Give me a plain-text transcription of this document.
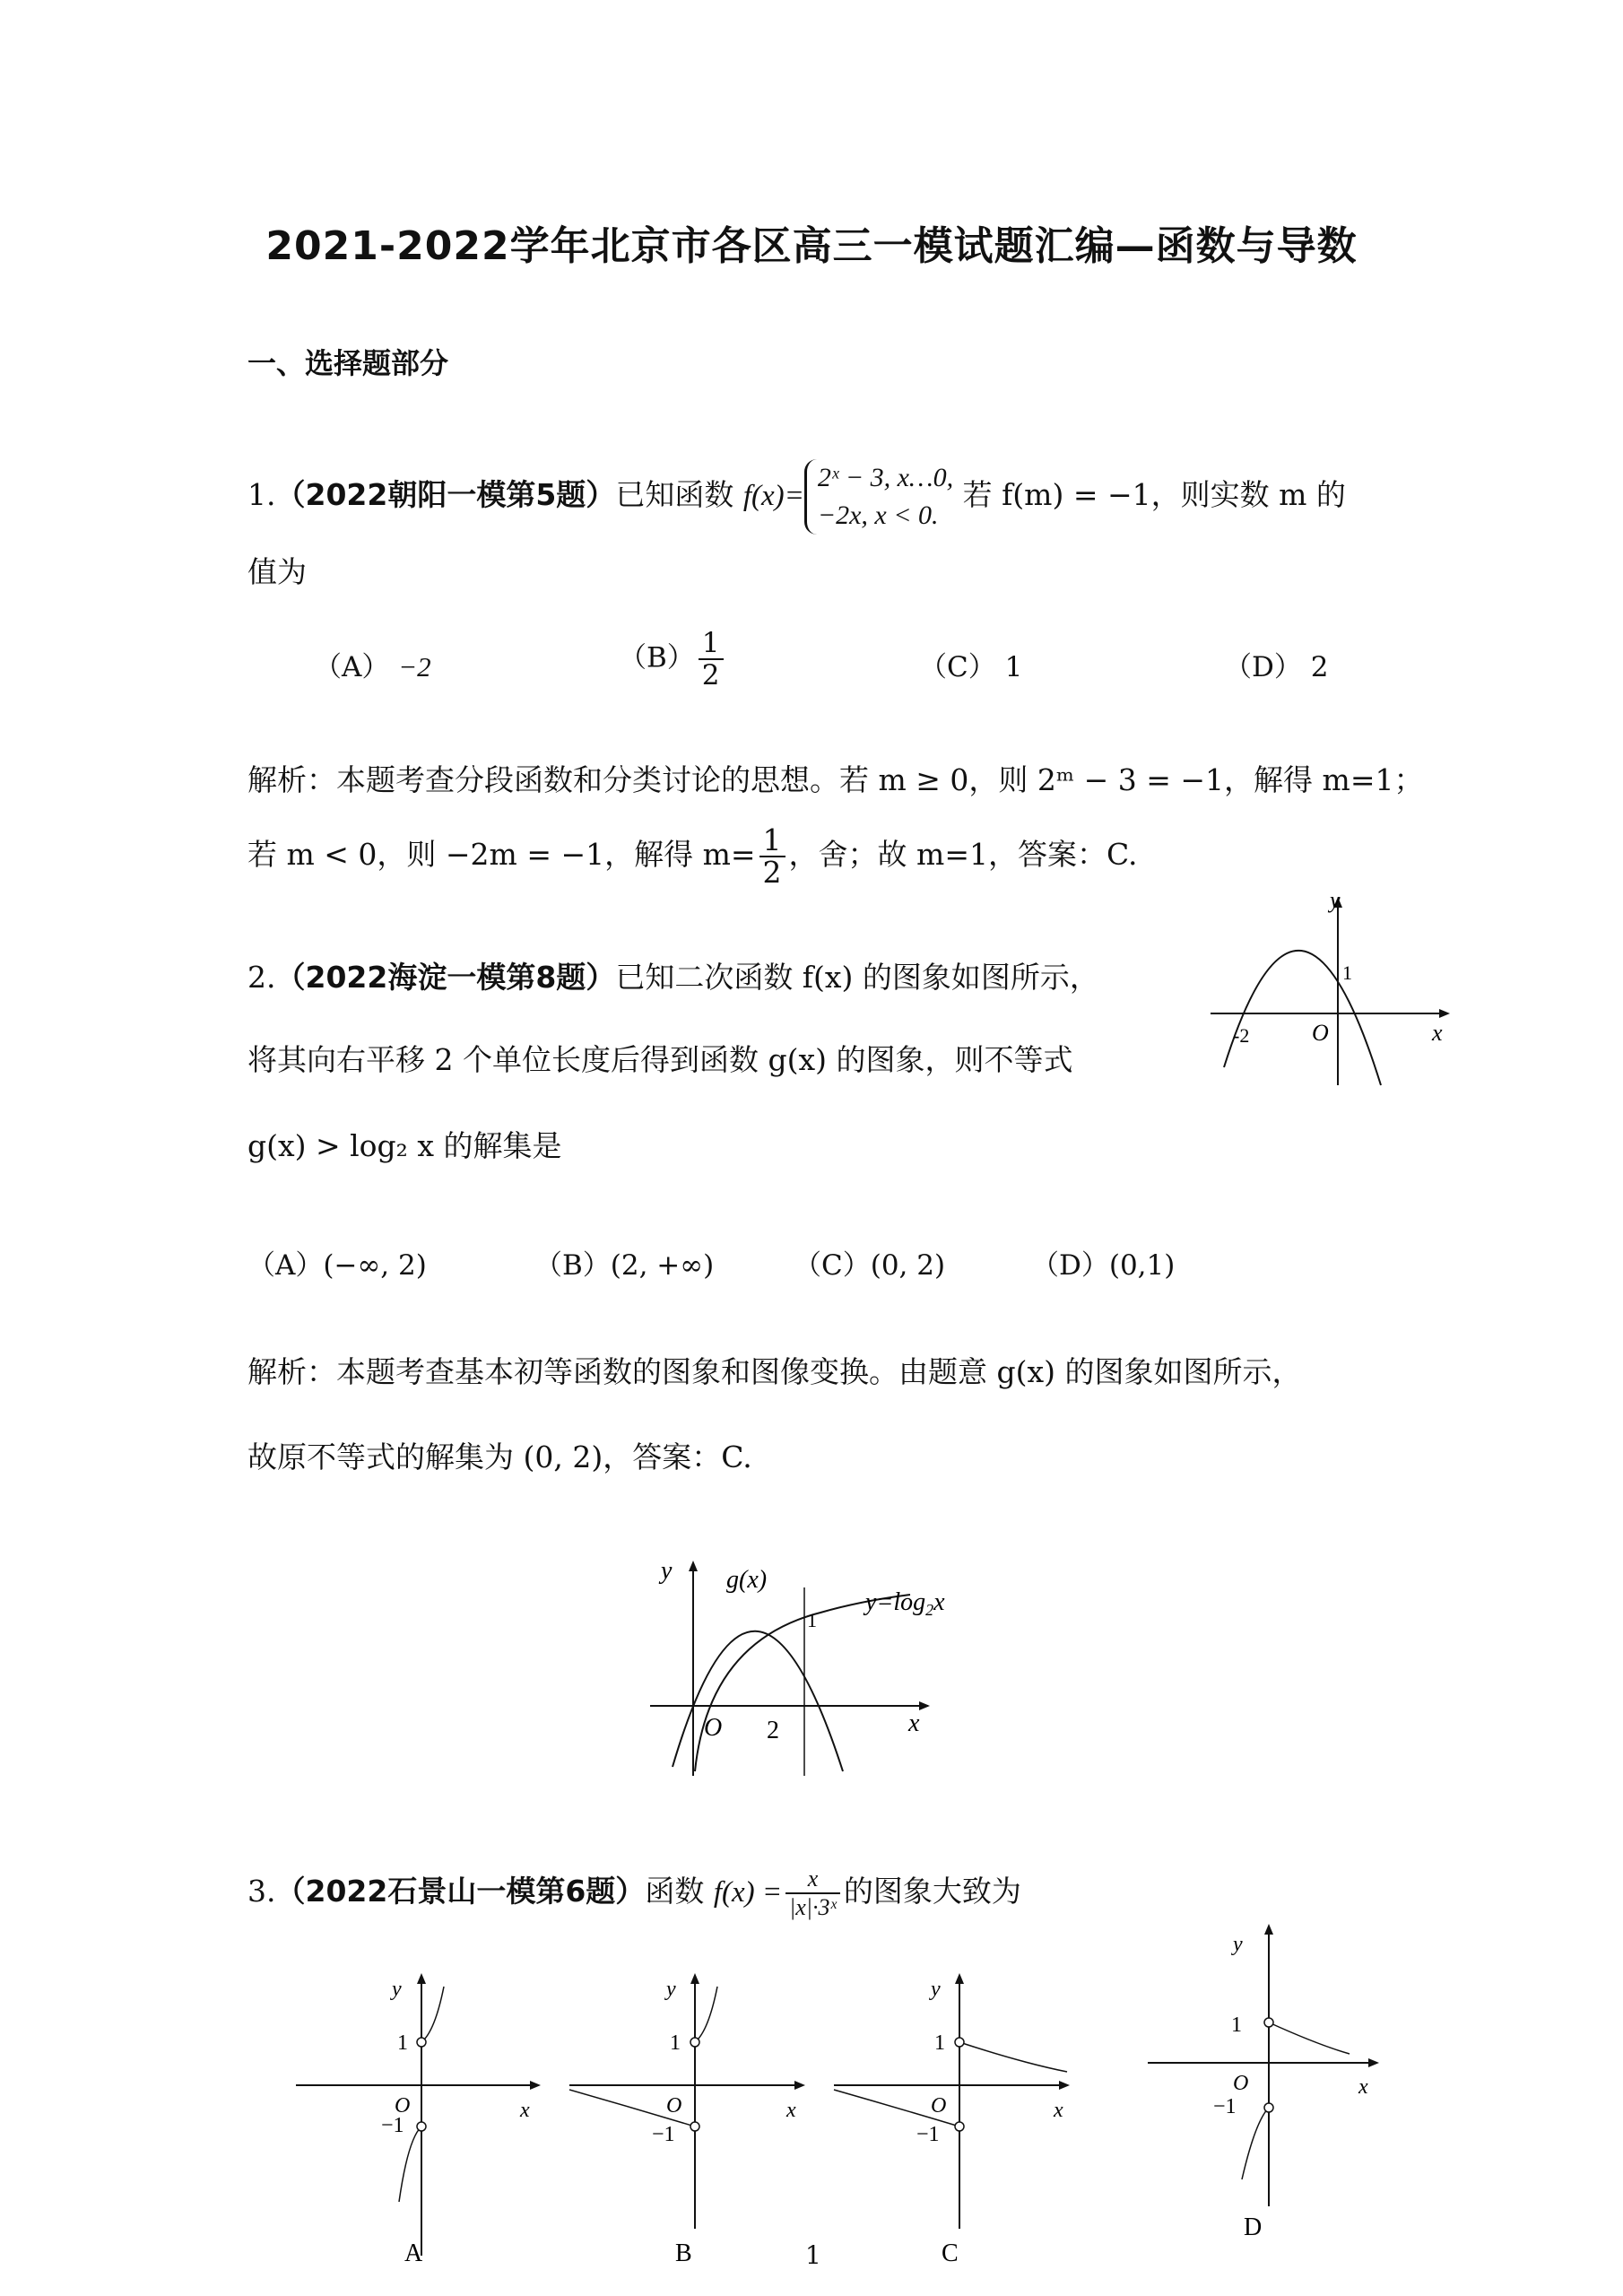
2021-2022学年北京市各区高三一模试题汇编—函数与导数
一、选择题部分
1.（2022朝阳一模第5题）已知函数 f(x)=
2ˣ − 3, x…0,
−2x, x < 0.
若 f(m) = −1，则实数 m 的
值为
（A） −2	$(B) \frac{1}{2}$	（C） 1	（D） 2
解析：本题考查分段函数和分类讨论的思想。若 m ≥ 0，则 2ᵐ − 3 = −1，解得 m=1；
若 m < 0，则 −2m = −1，解得 $m= \frac{1}{2}$ ，舍；故 m=1，答案：C.
2.（2022海淀一模第8题）已知二次函数 f(x) 的图象如图所示，
将其向右平移 2 个单位长度后得到函数 g(x) 的图象，则不等式
g(x) > log₂ x 的解集是
y
x
O
1
-2
（A）(−∞, 2)	（B）(2, +∞)	（C）(0, 2)	（D）(0,1)
解析：本题考查基本初等函数的图象和图像变换。由题意 g(x) 的图象如图所示，
故原不等式的解集为 (0, 2)，答案：C.
y
x
O 2
1
g(x)
$y=\log_2x$
3.（2022石景山一模第6题）函数 $f(x) = \frac{x}{\text{|x|·3ˣ}}$ 的图象大致为
y
x
O
1
−1
A
y
x
O
1
−1
B
y
x
O
1
−1
C
y
x
O
1
−1
D
1
